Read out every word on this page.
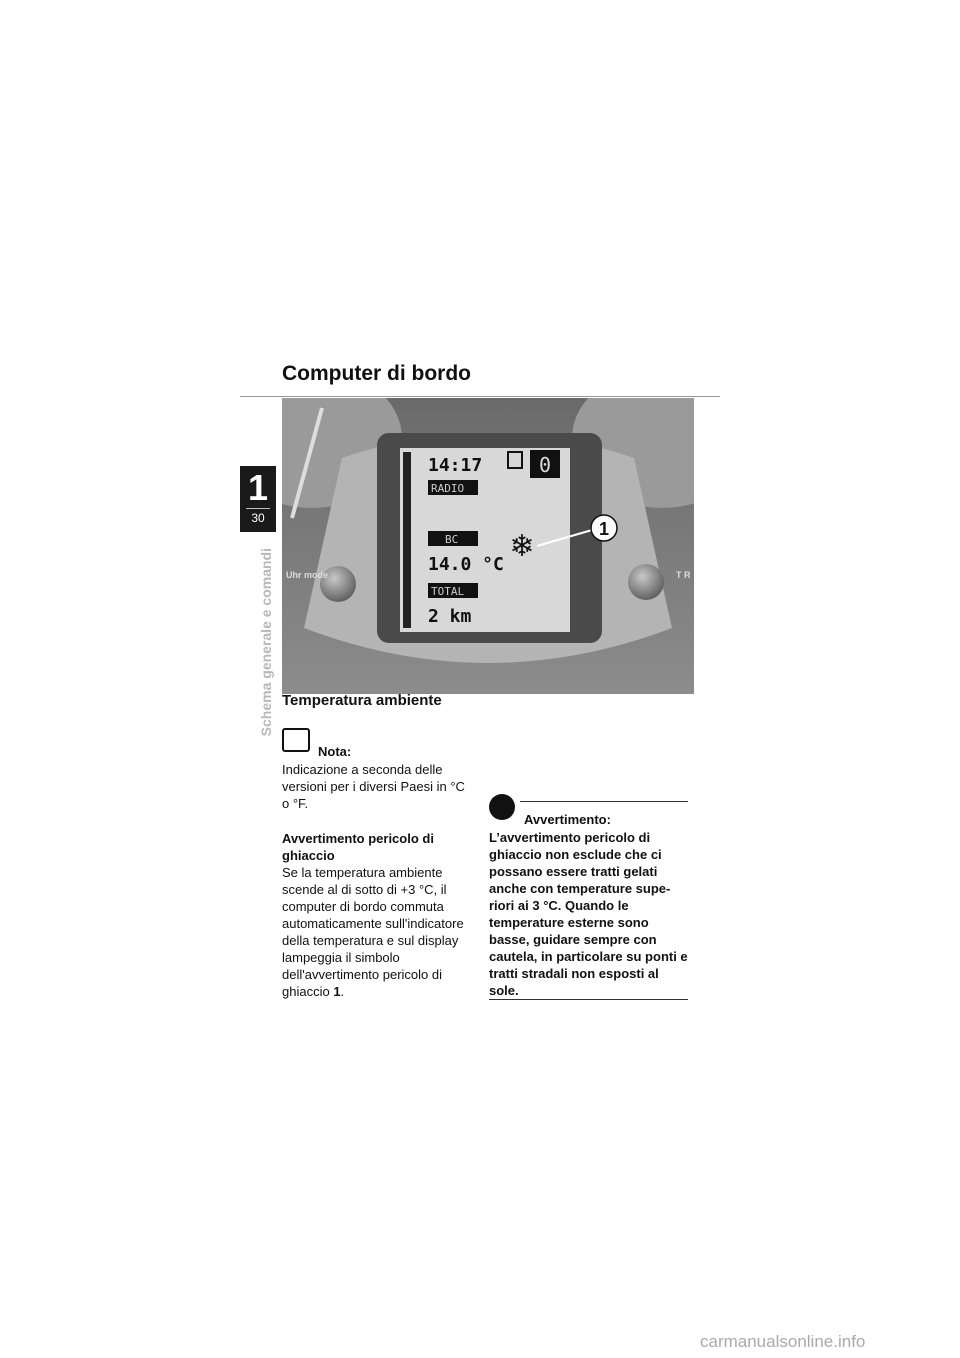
1
30
Schema generale e comandi
Computer di bordo
14:17	0
RADIO
BC
14.0 °C
❄
TOTAL
2 km
1
Uhr mode	T R
Temperatura ambiente
Nota:
Indicazione a seconda delle versioni per i diversi Paesi in °C o °F.
Avvertimento pericolo di ghiaccio
Se la temperatura ambiente scende al di sotto di +3 °C, il computer di bordo commuta automaticamente sull'indicatore della temperatura e sul display lampeggia il simbolo dell'avvertimento pericolo di ghiaccio 1.
Avvertimento:
L’avvertimento pericolo di ghiaccio non esclude che ci possano essere tratti gelati anche con temperature superiori ai 3 °C. Quando le temperature esterne sono basse, guidare sempre con cautela, in particolare su ponti e tratti stradali non esposti al sole.
carmanualsonline.info
